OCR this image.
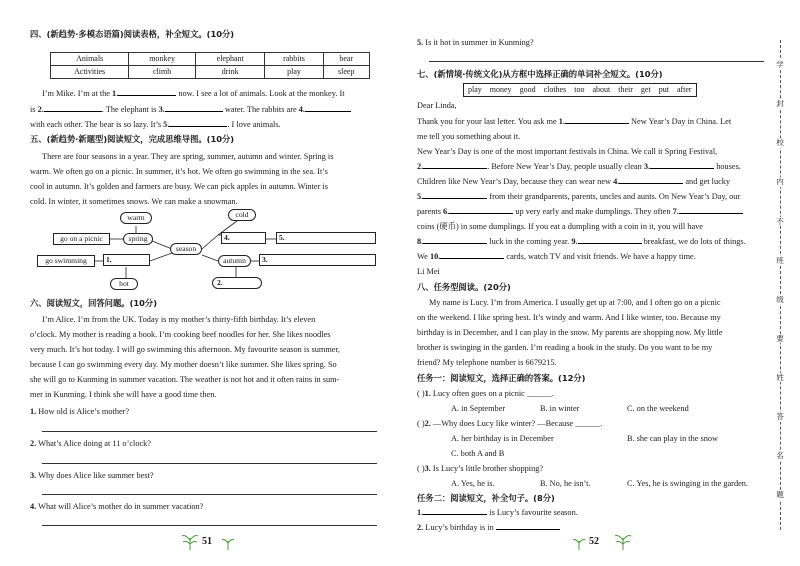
四、(新趋势·多模态语篇)阅读表格，补全短文。(10分)
Animals	monkey	elephant	rabbits	bear
Activities	climb	drink	play	sleep
I’m Mike. I’m at the 1.	now. I see a lot of animals. Look at the monkey. It
is 2.	. The elephant is 3.	water. The rabbits are 4.
with each other. The bear is so lazy. It’s 5.	. I love animals.
五、(新趋势·新题型)阅读短文，完成思维导图。(10分)
There are four seasons in a year. They are spring, summer, autumn and winter. Spring is
warm. We often go on a picnic. In summer, it’s hot. We often go swimming in the sea. It’s
cool in autumn. It’s golden and farmers are busy. We can pick apples in autumn. Winter is
cold. In winter, it sometimes snows. We can make a snowman.
warm	cold
go on a picnic	spring
season
4.	5.
go swimming	1.	autumn	3.
hot	2.
六、阅读短文，回答问题。(10分)
I’m Alice. I’m from the UK. Today is my mother’s thirty-fifth birthday. It’s eleven
o’clock. My mother is reading a book. I’m cooking beef noodles for her. She likes noodles
very much. It’s hot today. I will go swimming this afternoon. My favourite season is summer,
because I can go swimming every day. My mother doesn’t like summer. She likes spring. So
she will go to Kunming in summer vacation. The weather is not hot and it often rains in sum-
mer in Kunming. I think she will have a good time then.
1. How old is Alice’s mother?
2. What’s Alice doing at 11 o’clock?
3. Why does Alice like summer best?
4. What will Alice’s mother do in summer vacation?
51
5. Is it hot in summer in Kunming?
七、(新情境·传统文化)从方框中选择正确的单词补全短文。(10分)
play money good clothes too about their get put after
Dear Linda,
Thank you for your last letter. You ask me 1.	New Year’s Day in China. Let
me tell you something about it.
New Year’s Day is one of the most important festivals in China. We call it Spring Festival,
2.	. Before New Year’s Day, people usually clean 3.	houses.
Children like New Year’s Day, because they can wear new 4.	and get lucky
5.	from their grandparents, parents, uncles and aunts. On New Year’s Day, our
parents 6.	up very early and make dumplings. They often 7.
coins (硬币) in some dumplings. If you eat a dumpling with a coin in it, you will have
8.	luck in the coming year. 9.	breakfast, we do lots of things.
We 10.	cards, watch TV and visit friends. We have a happy time.
Li Mei
八、任务型阅读。(20分)
My name is Lucy. I’m from America. I usually get up at 7:00, and I often go on a picnic
on the weekend. I like spring best. It’s windy and warm. And I like winter, too. Because my
birthday is in December, and I can play in the snow. My parents are shopping now. My little
brother is swinging in the garden. I’m reading a book in the study. Do you want to be my
friend? My telephone number is 6679215.
任务一：阅读短文，选择正确的答案。(12分)
( )1. Lucy often goes on a picnic ______.
A. in September	B. in winter	C. on the weekend
( )2. —Why does Lucy like winter? —Because ______.
A. her birthday is in December	B. she can play in the snow
C. both A and B
( )3. Is Lucy’s little brother shopping?
A. Yes, he is.	B. No, he isn’t.	C. Yes, he is swinging in the garden.
任务二：阅读短文，补全句子。(8分)
1.	is Lucy’s favourite season.
2. Lucy’s birthday is in
52
学
封
校
内
不
班
级
要
姓
答
名
题
